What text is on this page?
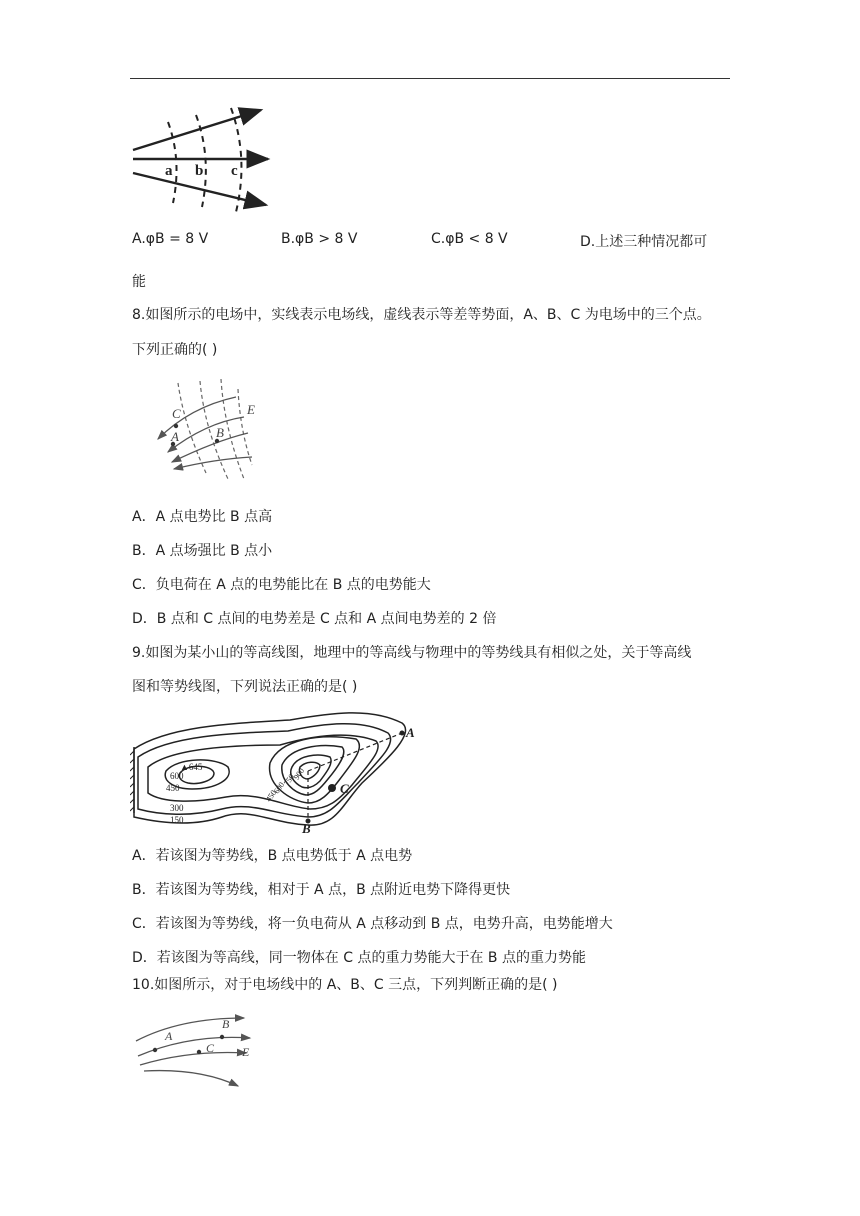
a b c
A.φB = 8 V	B.φB > 8 V	C.φB < 8 V	D.上述三种情况都可
能
8.如图所示的电场中，实线表示电场线，虚线表示等差等势面，A、B、C 为电场中的三个点。
下列正确的( )
C
A	B
E
A．A 点电势比 B 点高
B．A 点场强比 B 点小
C．负电荷在 A 点的电势能比在 B 点的电势能大
D．B 点和 C 点间的电势差是 C 点和 A 点间电势差的 2 倍
9.如图为某小山的等高线图，地理中的等高线与物理中的等势线具有相似之处，关于等高线
图和等势线图，下列说法正确的是( )
▲645
600
450
300
150
900
750
600
450
A
B
C
A．若该图为等势线，B 点电势低于 A 点电势
B．若该图为等势线，相对于 A 点，B 点附近电势下降得更快
C．若该图为等势线，将一负电荷从 A 点移动到 B 点，电势升高，电势能增大
D．若该图为等高线，同一物体在 C 点的重力势能大于在 B 点的重力势能
10.如图所示，对于电场线中的 A、B、C 三点，下列判断正确的是( )
A
B
C E
